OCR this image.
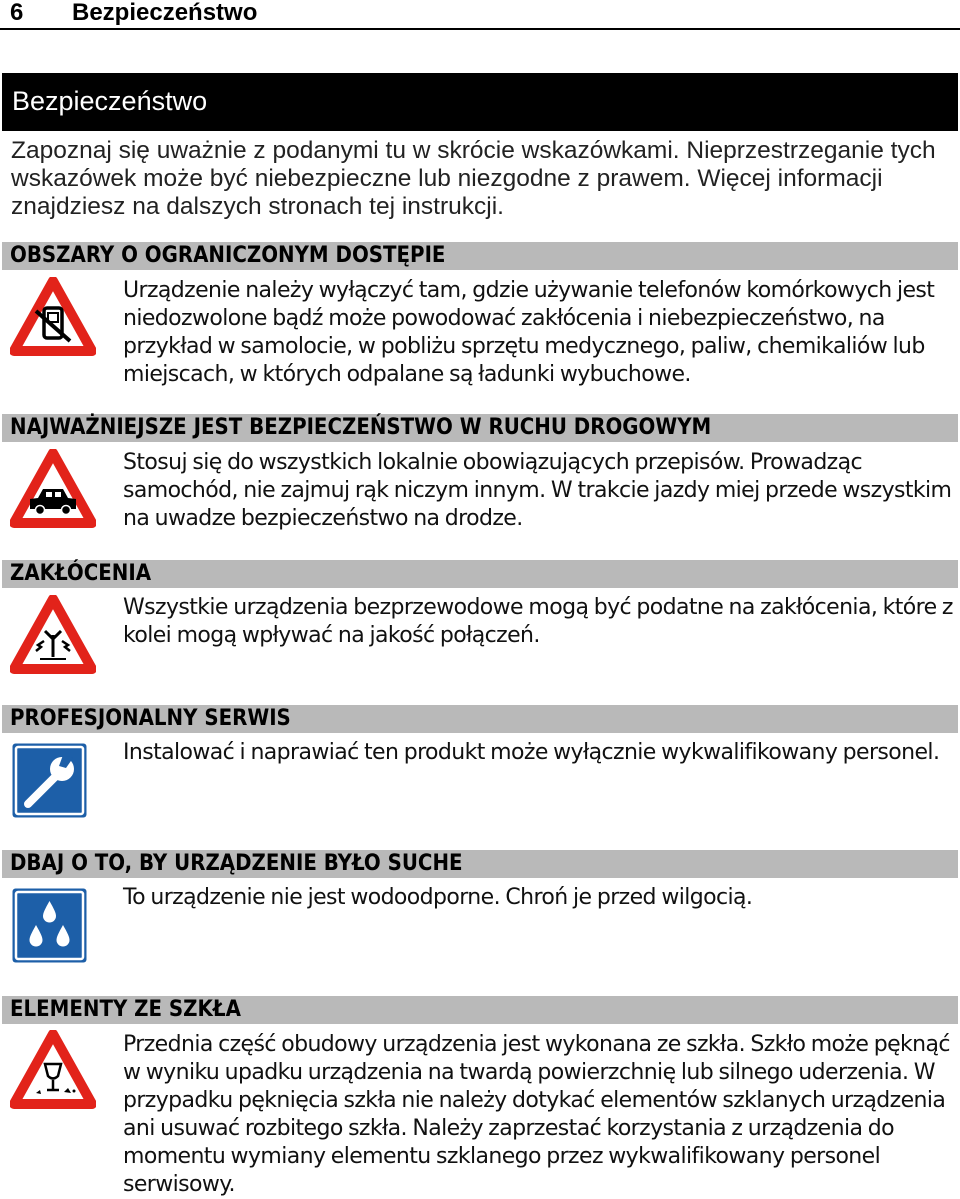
6 Bezpieczeństwo
Bezpieczeństwo
Zapoznaj się uważnie z podanymi tu w skrócie wskazówkami. Nieprzestrzeganie tych wskazówek może być niebezpieczne lub niezgodne z prawem. Więcej informacji znajdziesz na dalszych stronach tej instrukcji.
OBSZARY O OGRANICZONYM DOSTĘPIE
Urządzenie należy wyłączyć tam, gdzie używanie telefonów komórkowych jest niedozwolone bądź może powodować zakłócenia i niebezpieczeństwo, na przykład w samolocie, w pobliżu sprzętu medycznego, paliw, chemikaliów lub miejscach, w których odpalane są ładunki wybuchowe.
NAJWAŻNIEJSZE JEST BEZPIECZEŃSTWO W RUCHU DROGOWYM
Stosuj się do wszystkich lokalnie obowiązujących przepisów. Prowadząc samochód, nie zajmuj rąk niczym innym. W trakcie jazdy miej przede wszystkim na uwadze bezpieczeństwo na drodze.
ZAKŁÓCENIA
Wszystkie urządzenia bezprzewodowe mogą być podatne na zakłócenia, które z kolei mogą wpływać na jakość połączeń.
PROFESJONALNY SERWIS
Instalować i naprawiać ten produkt może wyłącznie wykwalifikowany personel.
DBAJ O TO, BY URZĄDZENIE BYŁO SUCHE
To urządzenie nie jest wodoodporne. Chroń je przed wilgocią.
ELEMENTY ZE SZKŁA
Przednia część obudowy urządzenia jest wykonana ze szkła. Szkło może pęknąć w wyniku upadku urządzenia na twardą powierzchnię lub silnego uderzenia. W przypadku pęknięcia szkła nie należy dotykać elementów szklanych urządzenia ani usuwać rozbitego szkła. Należy zaprzestać korzystania z urządzenia do momentu wymiany elementu szklanego przez wykwalifikowany personel serwisowy.
